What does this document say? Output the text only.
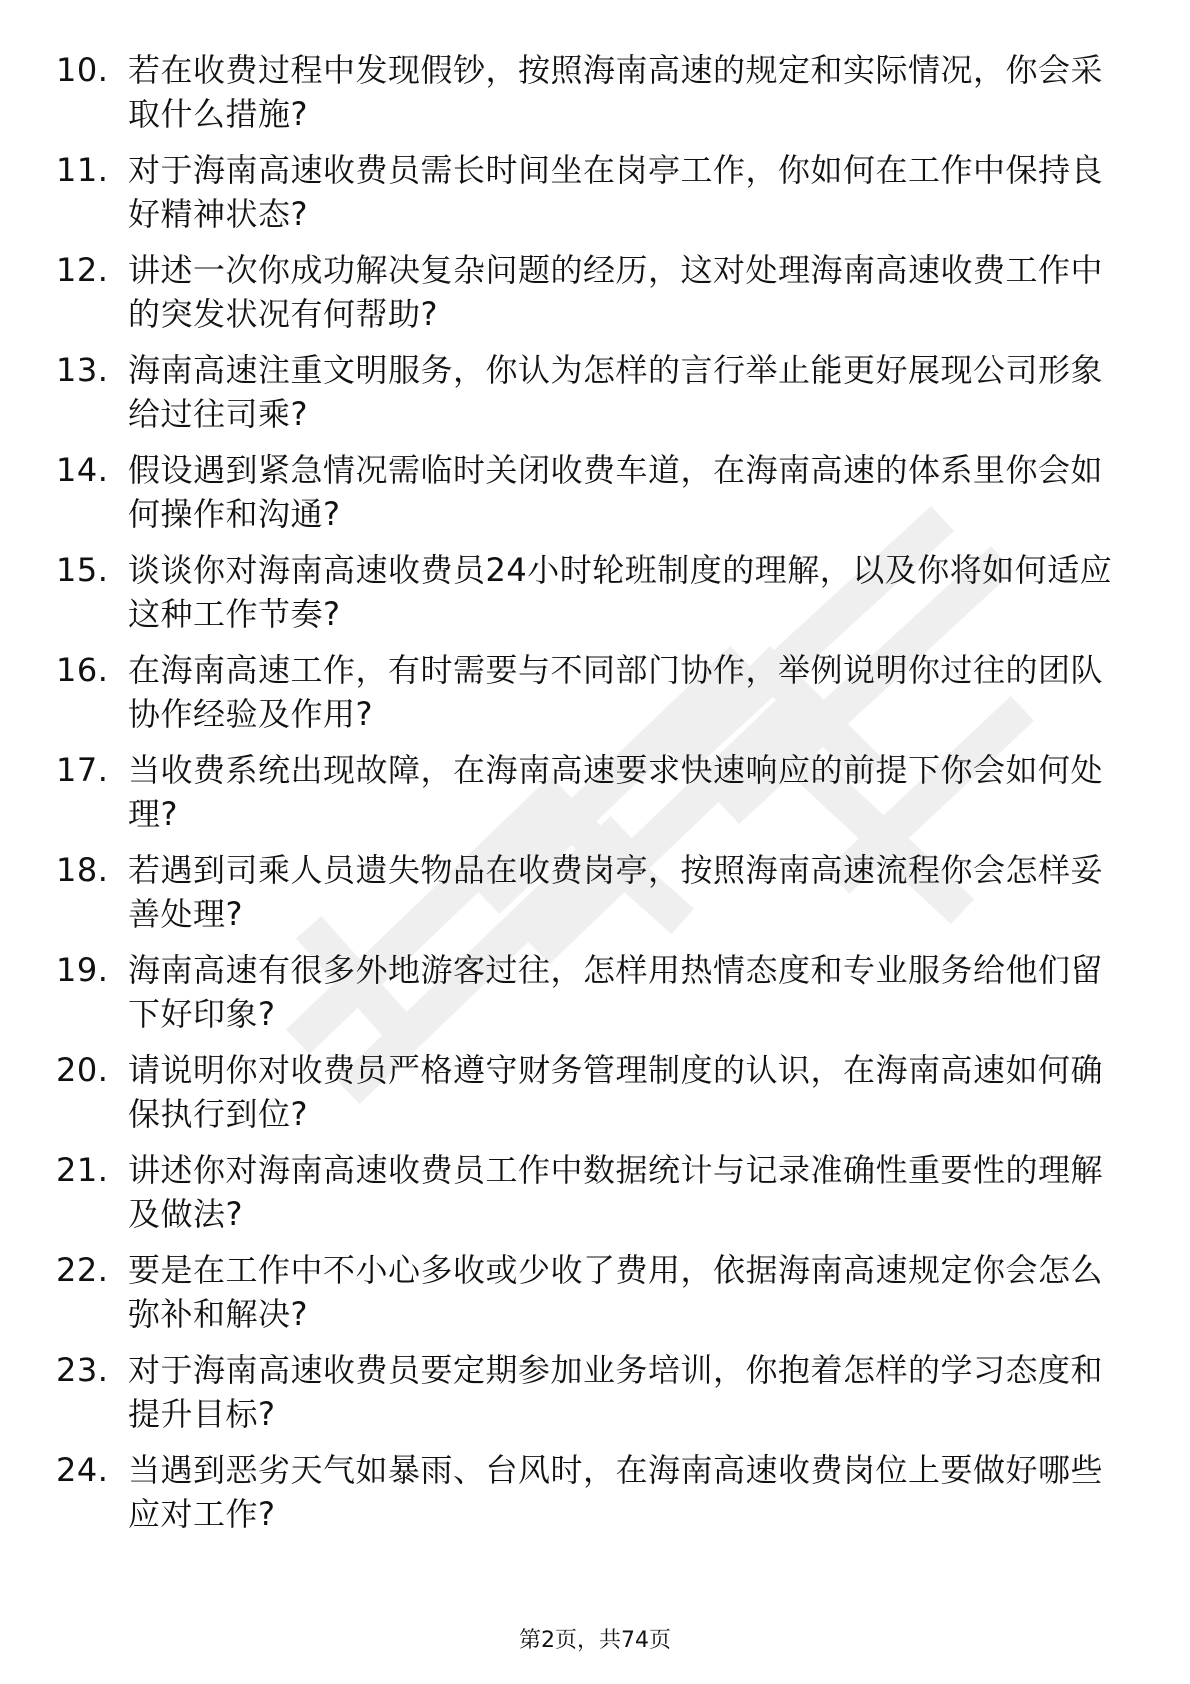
10. 若在收费过程中发现假钞，按照海南高速的规定和实际情况，你会采取什么措施?
11. 对于海南高速收费员需长时间坐在岗亭工作，你如何在工作中保持良好精神状态?
12. 讲述一次你成功解决复杂问题的经历，这对处理海南高速收费工作中的突发状况有何帮助?
13. 海南高速注重文明服务，你认为怎样的言行举止能更好展现公司形象给过往司乘?
14. 假设遇到紧急情况需临时关闭收费车道，在海南高速的体系里你会如何操作和沟通?
15. 谈谈你对海南高速收费员24小时轮班制度的理解，以及你将如何适应这种工作节奏?
16. 在海南高速工作，有时需要与不同部门协作，举例说明你过往的团队协作经验及作用?
17. 当收费系统出现故障，在海南高速要求快速响应的前提下你会如何处理?
18. 若遇到司乘人员遗失物品在收费岗亭，按照海南高速流程你会怎样妥善处理?
19. 海南高速有很多外地游客过往，怎样用热情态度和专业服务给他们留下好印象?
20. 请说明你对收费员严格遵守财务管理制度的认识，在海南高速如何确保执行到位?
21. 讲述你对海南高速收费员工作中数据统计与记录准确性重要性的理解及做法?
22. 要是在工作中不小心多收或少收了费用，依据海南高速规定你会怎么弥补和解决?
23. 对于海南高速收费员要定期参加业务培训，你抱着怎样的学习态度和提升目标?
24. 当遇到恶劣天气如暴雨、台风时，在海南高速收费岗位上要做好哪些应对工作?
第2页，共74页
